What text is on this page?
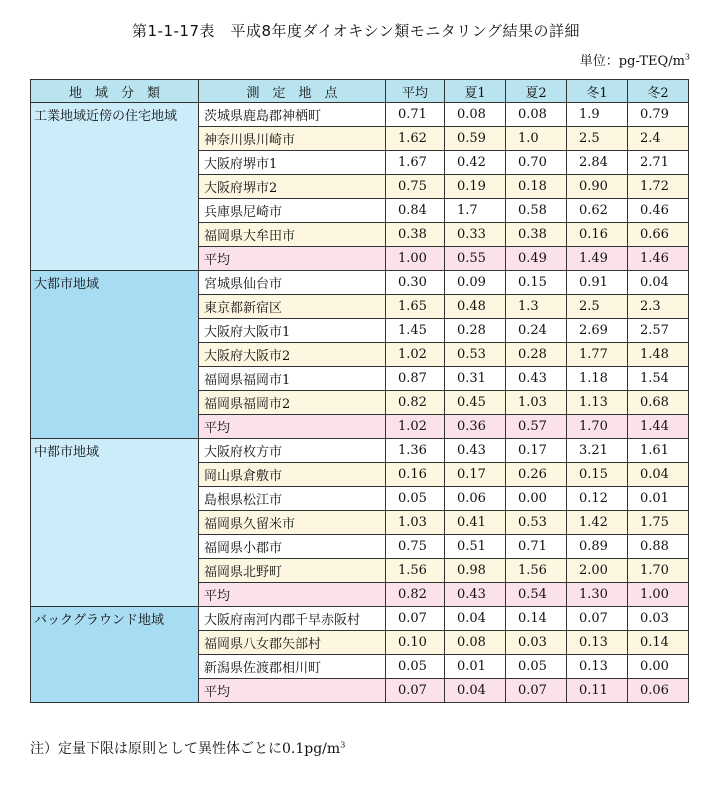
第1-1-17表　平成8年度ダイオキシン類モニタリング結果の詳細
単位：$pg-TEQ/m^3$
地　域　分　類	測　定　地　点	平均	夏1	夏2	冬1	冬2
工業地域近傍の住宅地域	茨城県鹿島郡神栖町	0.71	0.08	0.08	1.9	0.79
	神奈川県川崎市	1.62	0.59	1.0	2.5	2.4
	大阪府堺市1	1.67	0.42	0.70	2.84	2.71
	大阪府堺市2	0.75	0.19	0.18	0.90	1.72
	兵庫県尼崎市	0.84	1.7	0.58	0.62	0.46
	福岡県大牟田市	0.38	0.33	0.38	0.16	0.66
	平均	1.00	0.55	0.49	1.49	1.46
大都市地域	宮城県仙台市	0.30	0.09	0.15	0.91	0.04
	東京都新宿区	1.65	0.48	1.3	2.5	2.3
	大阪府大阪市1	1.45	0.28	0.24	2.69	2.57
	大阪府大阪市2	1.02	0.53	0.28	1.77	1.48
	福岡県福岡市1	0.87	0.31	0.43	1.18	1.54
	福岡県福岡市2	0.82	0.45	1.03	1.13	0.68
	平均	1.02	0.36	0.57	1.70	1.44
中都市地域	大阪府枚方市	1.36	0.43	0.17	3.21	1.61
	岡山県倉敷市	0.16	0.17	0.26	0.15	0.04
	島根県松江市	0.05	0.06	0.00	0.12	0.01
	福岡県久留米市	1.03	0.41	0.53	1.42	1.75
	福岡県小郡市	0.75	0.51	0.71	0.89	0.88
	福岡県北野町	1.56	0.98	1.56	2.00	1.70
	平均	0.82	0.43	0.54	1.30	1.00
バックグラウンド地域	大阪府南河内郡千早赤阪村	0.07	0.04	0.14	0.07	0.03
	福岡県八女郡矢部村	0.10	0.08	0.03	0.13	0.14
	新潟県佐渡郡相川町	0.05	0.01	0.05	0.13	0.00
	平均	0.07	0.04	0.07	0.11	0.06
注）定量下限は原則として異性体ごとに$0.1pg/m^3$
